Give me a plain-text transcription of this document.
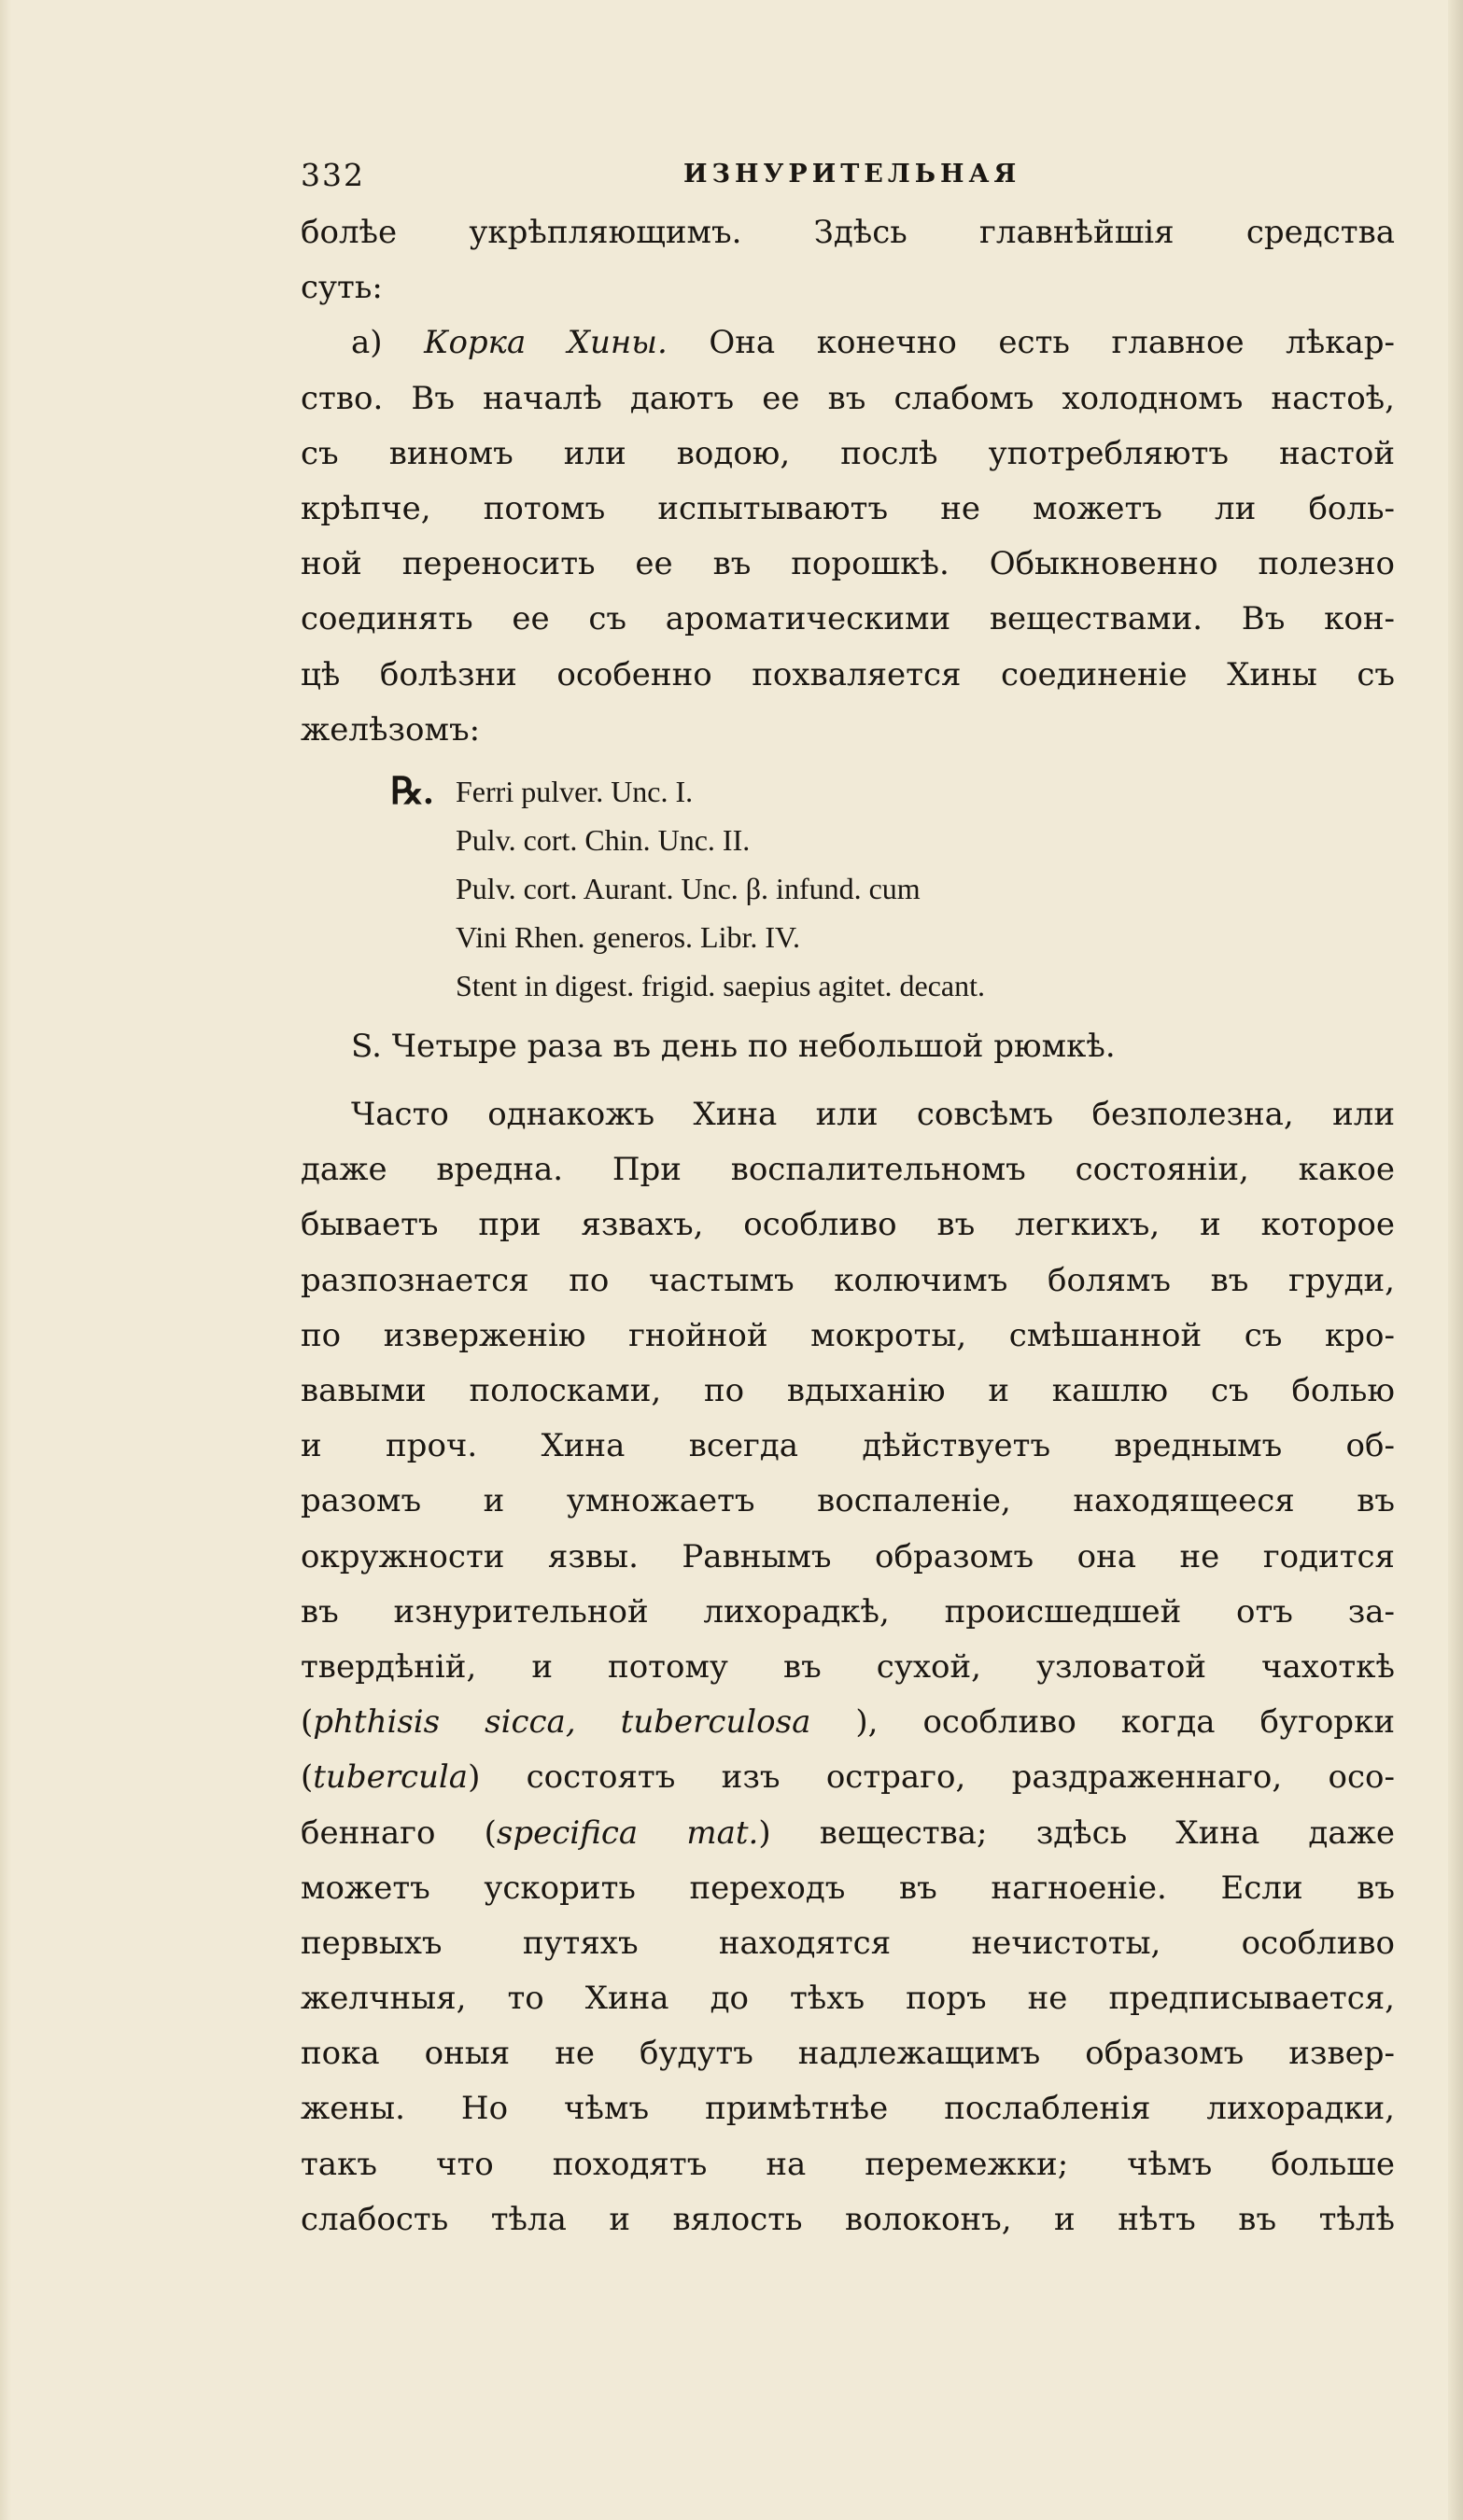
332	ИЗНУРИТЕЛЬНАЯ
болѣе укрѣпляющимъ. Здѣсь главнѣйшія средства
суть:
а) Корка Хины. Она конечно есть главное лѣкар-
ство. Въ началѣ даютъ ее въ слабомъ холодномъ настоѣ,
съ виномъ или водою, послѣ употребляютъ настой
крѣпче, потомъ испытываютъ не можетъ ли боль-
ной переносить ее въ порошкѣ. Обыкновенно полезно
соединять ее съ ароматическими веществами. Въ кон-
цѣ болѣзни особенно похваляется соединеніе Хины съ
желѣзомъ:
℞. Ferri pulver. Unc. I.
Pulv. cort. Chin. Unc. II.
Pulv. cort. Aurant. Unc. β. infund. cum
Vini Rhen. generos. Libr. IV.
Stent in digest. frigid. saepius agitet. decant.
S. Четыре раза въ день по небольшой рюмкѣ.
Часто однакожъ Хина или совсѣмъ безполезна, или
даже вредна. При воспалительномъ состояніи, какое
бываетъ при язвахъ, особливо въ легкихъ, и которое
разпознается по частымъ колючимъ болямъ въ груди,
по изверженію гнойной мокроты, смѣшанной съ кро-
вавыми полосками, по вдыханію и кашлю съ болью
и проч. Хина всегда дѣйствуетъ вреднымъ об-
разомъ и умножаетъ воспаленіе, находящееся въ
окружности язвы. Равнымъ образомъ она не годится
въ изнурительной лихорадкѣ, происшедшей отъ за-
твердѣній, и потому въ сухой, узловатой чахоткѣ
(phthisis sicca, tuberculosa ), особливо когда бугорки
(tubercula) состоятъ изъ остраго, раздраженнаго, осо-
беннаго (specifica mat.) вещества; здѣсь Хина даже
можетъ ускорить переходъ въ нагноеніе. Если въ
первыхъ путяхъ находятся нечистоты, особливо
желчныя, то Хина до тѣхъ поръ не предписывается,
пока оныя не будутъ надлежащимъ образомъ извер-
жены. Но чѣмъ примѣтнѣе послабленія лихорадки,
такъ что походятъ на перемежки; чѣмъ больше
слабость тѣла и вялость волоконъ, и нѣтъ въ тѣлѣ
